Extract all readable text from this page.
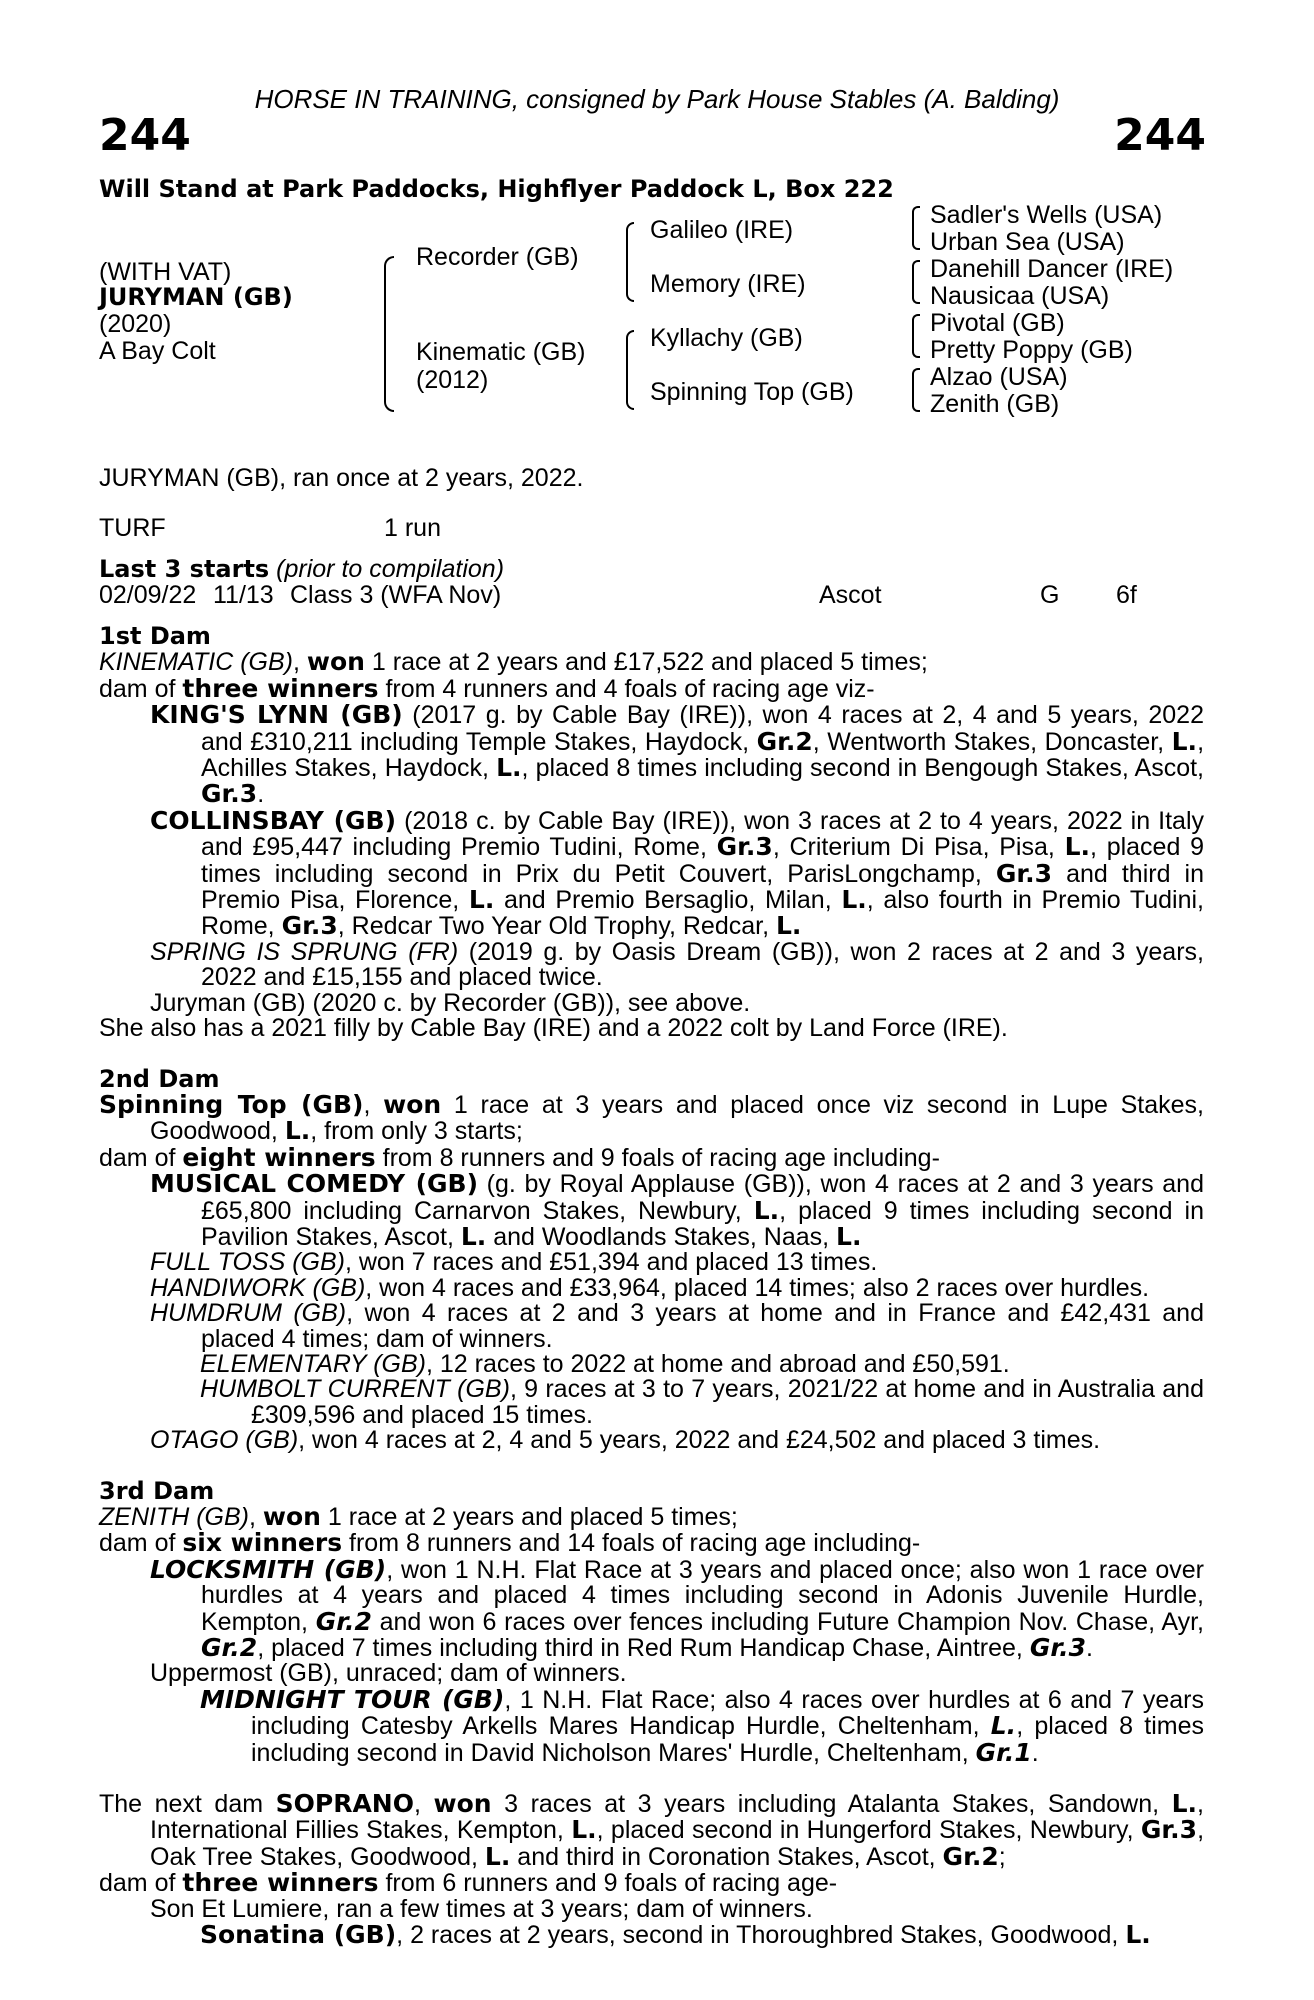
HORSE IN TRAINING, consigned by Park House Stables (A. Balding)
244	244
Will Stand at Park Paddocks, Highflyer Paddock L, Box 222
(WITH VAT)
JURYMAN (GB)
(2020)
A Bay Colt
Recorder (GB)
Kinematic (GB)
(2012)
Galileo (IRE)
Memory (IRE)
Kyllachy (GB)
Spinning Top (GB)
Sadler's Wells (USA)
Urban Sea (USA)
Danehill Dancer (IRE)
Nausicaa (USA)
Pivotal (GB)
Pretty Poppy (GB)
Alzao (USA)
Zenith (GB)
JURYMAN (GB), ran once at 2 years, 2022.
TURF	1 run
Last 3 starts (prior to compilation)
02/09/22 11/13 Class 3 (WFA Nov)	Ascot	G 6f
1st Dam
KINEMATIC (GB), won 1 race at 2 years and £17,522 and placed 5 times;
dam of three winners from 4 runners and 4 foals of racing age viz-
KING'S LYNN (GB) (2017 g. by Cable Bay (IRE)), won 4 races at 2, 4 and 5 years, 2022 and £310,211 including Temple Stakes, Haydock, Gr.2, Wentworth Stakes, Doncaster, L., Achilles Stakes, Haydock, L., placed 8 times including second in Bengough Stakes, Ascot, Gr.3.
COLLINSBAY (GB) (2018 c. by Cable Bay (IRE)), won 3 races at 2 to 4 years, 2022 in Italy and £95,447 including Premio Tudini, Rome, Gr.3, Criterium Di Pisa, Pisa, L., placed 9 times including second in Prix du Petit Couvert, ParisLongchamp, Gr.3 and third in Premio Pisa, Florence, L. and Premio Bersaglio, Milan, L., also fourth in Premio Tudini, Rome, Gr.3, Redcar Two Year Old Trophy, Redcar, L.
SPRING IS SPRUNG (FR) (2019 g. by Oasis Dream (GB)), won 2 races at 2 and 3 years, 2022 and £15,155 and placed twice.
Juryman (GB) (2020 c. by Recorder (GB)), see above.
She also has a 2021 filly by Cable Bay (IRE) and a 2022 colt by Land Force (IRE).
2nd Dam
Spinning Top (GB), won 1 race at 3 years and placed once viz second in Lupe Stakes, Goodwood, L., from only 3 starts;
dam of eight winners from 8 runners and 9 foals of racing age including-
MUSICAL COMEDY (GB) (g. by Royal Applause (GB)), won 4 races at 2 and 3 years and £65,800 including Carnarvon Stakes, Newbury, L., placed 9 times including second in Pavilion Stakes, Ascot, L. and Woodlands Stakes, Naas, L.
FULL TOSS (GB), won 7 races and £51,394 and placed 13 times.
HANDIWORK (GB), won 4 races and £33,964, placed 14 times; also 2 races over hurdles.
HUMDRUM (GB), won 4 races at 2 and 3 years at home and in France and £42,431 and placed 4 times; dam of winners.
ELEMENTARY (GB), 12 races to 2022 at home and abroad and £50,591.
HUMBOLT CURRENT (GB), 9 races at 3 to 7 years, 2021/22 at home and in Australia and £309,596 and placed 15 times.
OTAGO (GB), won 4 races at 2, 4 and 5 years, 2022 and £24,502 and placed 3 times.
3rd Dam
ZENITH (GB), won 1 race at 2 years and placed 5 times;
dam of six winners from 8 runners and 14 foals of racing age including-
LOCKSMITH (GB), won 1 N.H. Flat Race at 3 years and placed once; also won 1 race over hurdles at 4 years and placed 4 times including second in Adonis Juvenile Hurdle, Kempton, Gr.2 and won 6 races over fences including Future Champion Nov. Chase, Ayr, Gr.2, placed 7 times including third in Red Rum Handicap Chase, Aintree, Gr.3.
Uppermost (GB), unraced; dam of winners.
MIDNIGHT TOUR (GB), 1 N.H. Flat Race; also 4 races over hurdles at 6 and 7 years including Catesby Arkells Mares Handicap Hurdle, Cheltenham, L., placed 8 times including second in David Nicholson Mares' Hurdle, Cheltenham, Gr.1.
The next dam SOPRANO, won 3 races at 3 years including Atalanta Stakes, Sandown, L., International Fillies Stakes, Kempton, L., placed second in Hungerford Stakes, Newbury, Gr.3, Oak Tree Stakes, Goodwood, L. and third in Coronation Stakes, Ascot, Gr.2;
dam of three winners from 6 runners and 9 foals of racing age-
Son Et Lumiere, ran a few times at 3 years; dam of winners.
Sonatina (GB), 2 races at 2 years, second in Thoroughbred Stakes, Goodwood, L.
